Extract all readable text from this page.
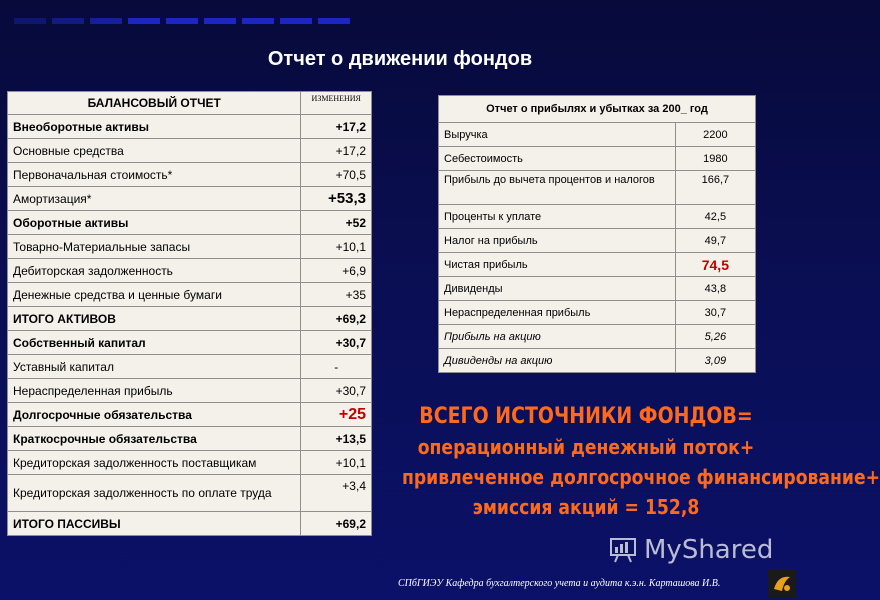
Отчет о движении фондов
БАЛАНСОВЫЙ ОТЧЕТ	ИЗМЕНЕНИЯ
Внеоборотные активы	+17,2
Основные средства	+17,2
Первоначальная стоимость*	+70,5
Амортизация*	+53,3
Оборотные активы	+52
Товарно-Материальные запасы	+10,1
Дебиторская задолженность	+6,9
Денежные средства и ценные бумаги	+35
ИТОГО АКТИВОВ	+69,2
Собственный капитал	+30,7
Уставный капитал	-
Нераспределенная прибыль	+30,7
Долгосрочные обязательства	+25
Краткосрочные обязательства	+13,5
Кредиторская задолженность поставщикам	+10,1
Кредиторская задолженность по оплате труда	+3,4
ИТОГО ПАССИВЫ	+69,2
Отчет о прибылях и убытках за 200_ год	
Выручка	2200
Себестоимость	1980
Прибыль до вычета процентов и налогов	166,7
Проценты к уплате	42,5
Налог на прибыль	49,7
Чистая прибыль	74,5
Дивиденды	43,8
Нераспределенная прибыль	30,7
Прибыль на акцию	5,26
Дивиденды на акцию	3,09
ВСЕГО ИСТОЧНИКИ ФОНДОВ=
операционный денежный поток+
привлеченное долгосрочное финансирование+
эмиссия акций = 152,8
MyShared
СПбГИЭУ Кафедра бухгалтерского учета и аудита к.э.н. Карташова И.В.
